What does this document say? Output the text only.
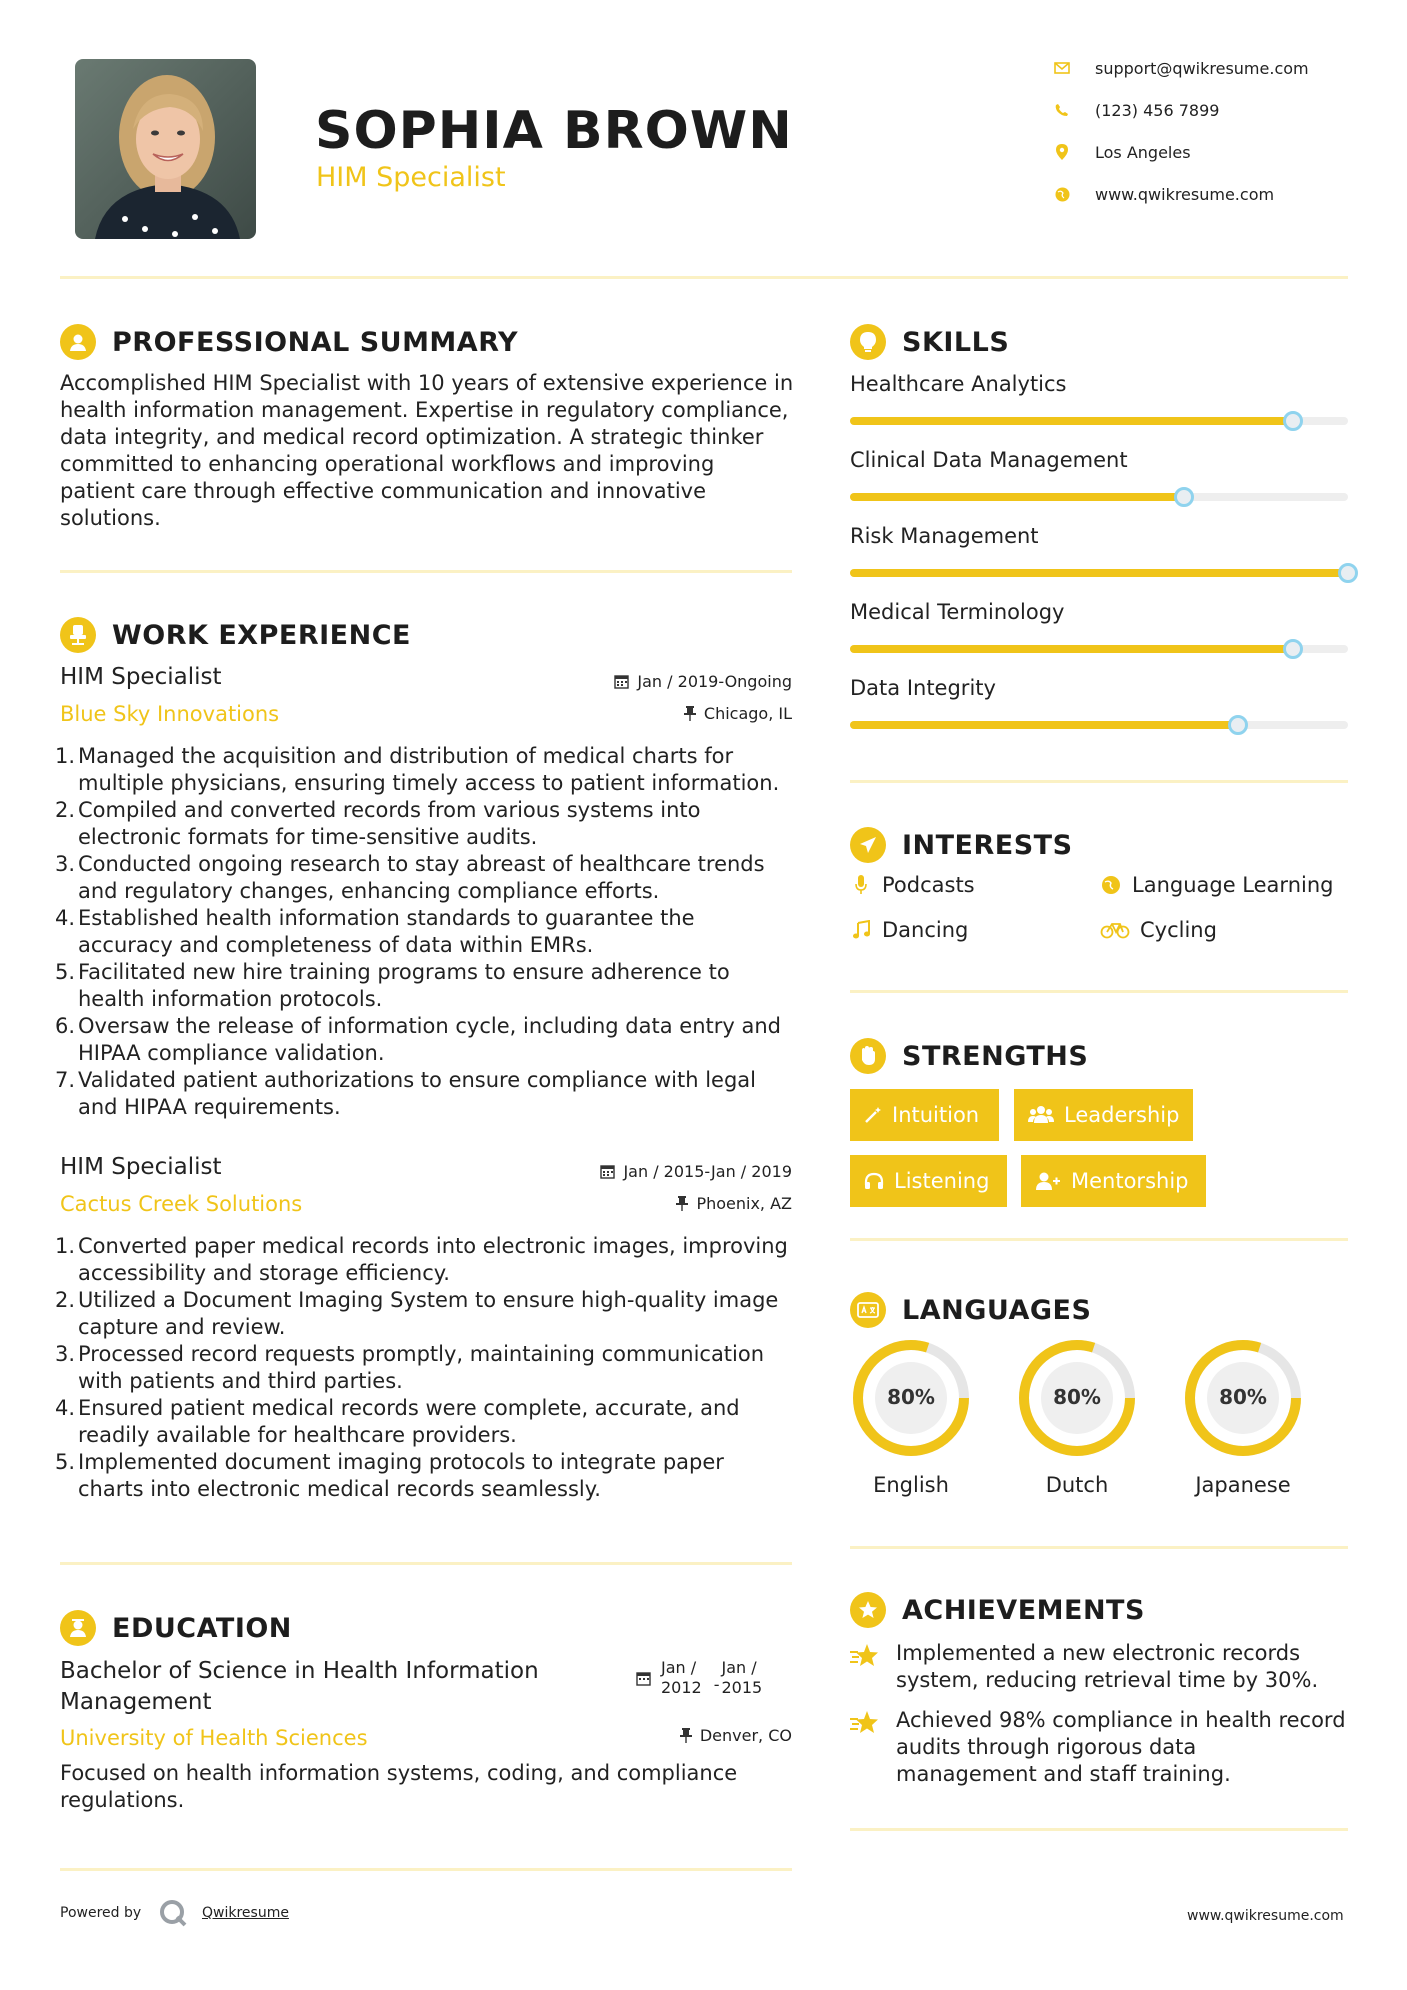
SOPHIA BROWN
HIM Specialist
support@qwikresume.com
(123) 456 7899
Los Angeles
www.qwikresume.com
PROFESSIONAL SUMMARY
Accomplished HIM Specialist with 10 years of extensive experience in
health information management. Expertise in regulatory compliance,
data integrity, and medical record optimization. A strategic thinker
committed to enhancing operational workflows and improving
patient care through effective communication and innovative
solutions.
WORK EXPERIENCE
HIM Specialist
Blue Sky Innovations
Jan / 2019-Ongoing
Chicago, IL
1. Managed the acquisition and distribution of medical charts for
multiple physicians, ensuring timely access to patient information.
2. Compiled and converted records from various systems into
electronic formats for time-sensitive audits.
3. Conducted ongoing research to stay abreast of healthcare trends
and regulatory changes, enhancing compliance efforts.
4. Established health information standards to guarantee the
accuracy and completeness of data within EMRs.
5. Facilitated new hire training programs to ensure adherence to
health information protocols.
6. Oversaw the release of information cycle, including data entry and
HIPAA compliance validation.
7. Validated patient authorizations to ensure compliance with legal
and HIPAA requirements.
HIM Specialist
Cactus Creek Solutions
Jan / 2015-Jan / 2019
Phoenix, AZ
1. Converted paper medical records into electronic images, improving
accessibility and storage efficiency.
2. Utilized a Document Imaging System to ensure high-quality image
capture and review.
3. Processed record requests promptly, maintaining communication
with patients and third parties.
4. Ensured patient medical records were complete, accurate, and
readily available for healthcare providers.
5. Implemented document imaging protocols to integrate paper
charts into electronic medical records seamlessly.
EDUCATION
Bachelor of Science in Health Information
Management
University of Health Sciences
Jan /
2012 -
Jan /
2015
Denver, CO
Focused on health information systems, coding, and compliance
regulations.
SKILLS
Healthcare Analytics
Clinical Data Management
Risk Management
Medical Terminology
Data Integrity
INTERESTS
Podcasts	Language Learning
Dancing	Cycling
STRENGTHS
Intuition	Leadership
Listening	Mentorship
LANGUAGES
80%
English
80%
Dutch
80%
Japanese
ACHIEVEMENTS
Implemented a new electronic records
system, reducing retrieval time by 30%.
Achieved 98% compliance in health record
audits through rigorous data
management and staff training.
Powered by	Qwikresume	www.qwikresume.com
